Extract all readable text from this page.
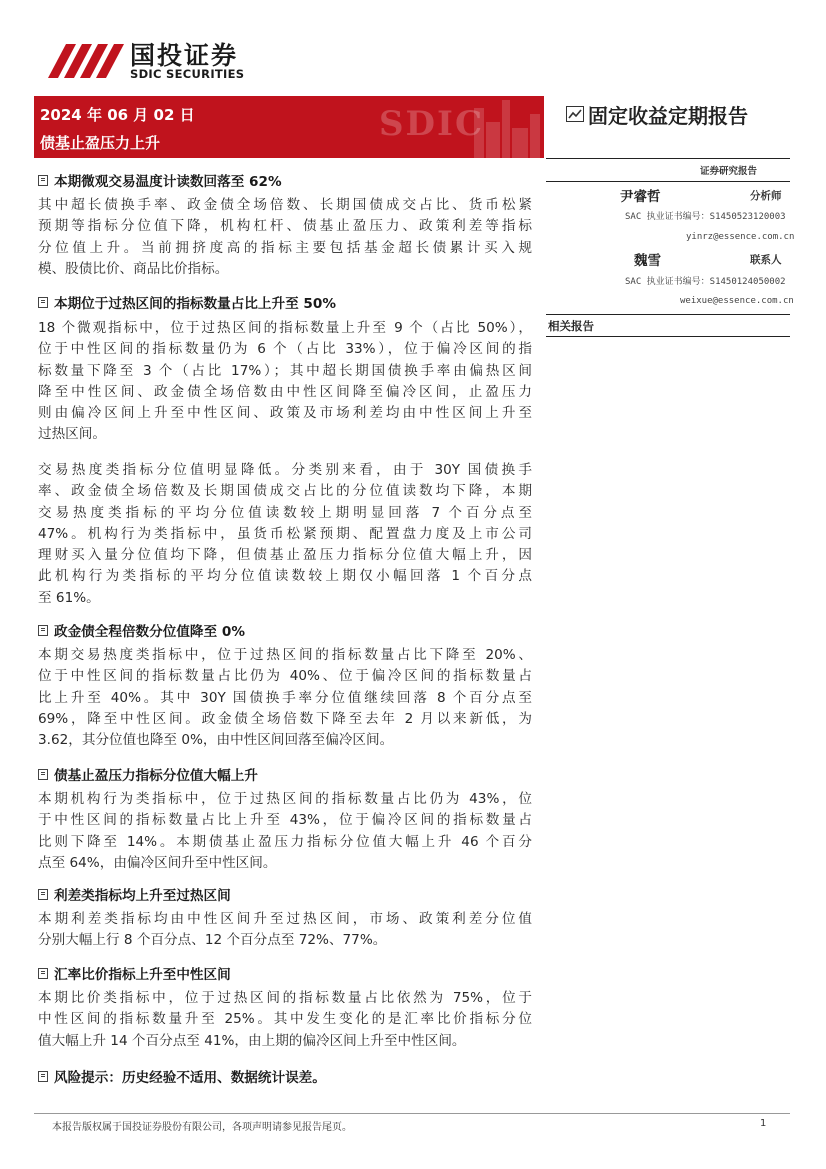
国投证券
SDIC SECURITIES
SDIC
2024 年 06 月 02 日
债基止盈压力上升
固定收益定期报告
证券研究报告
尹睿哲	分析师
SAC 执业证书编号：S1450523120003
yinrz@essence.com.cn
魏雪	联系人
SAC 执业证书编号：S1450124050002
weixue@essence.com.cn
相关报告
本期微观交易温度计读数回落至 62%
其中超长债换手率、政金债全场倍数、长期国债成交占比、货币松紧
预期等指标分位值下降，机构杠杆、债基止盈压力、政策利差等指标
分位值上升。当前拥挤度高的指标主要包括基金超长债累计买入规
模、股债比价、商品比价指标。
本期位于过热区间的指标数量占比上升至 50%
18 个微观指标中，位于过热区间的指标数量上升至 9 个（占比 50%），
位于中性区间的指标数量仍为 6 个（占比 33%），位于偏冷区间的指
标数量下降至 3 个（占比 17%）；其中超长期国债换手率由偏热区间
降至中性区间、政金债全场倍数由中性区间降至偏冷区间，止盈压力
则由偏冷区间上升至中性区间、政策及市场利差均由中性区间上升至
过热区间。
交易热度类指标分位值明显降低。分类别来看，由于 30Y 国债换手
率、政金债全场倍数及长期国债成交占比的分位值读数均下降，本期
交易热度类指标的平均分位值读数较上期明显回落 7 个百分点至
47%。机构行为类指标中，虽货币松紧预期、配置盘力度及上市公司
理财买入量分位值均下降，但债基止盈压力指标分位值大幅上升，因
此机构行为类指标的平均分位值读数较上期仅小幅回落 1 个百分点
至 61%。
政金债全程倍数分位值降至 0%
本期交易热度类指标中，位于过热区间的指标数量占比下降至 20%、
位于中性区间的指标数量占比仍为 40%、位于偏冷区间的指标数量占
比上升至 40%。其中 30Y 国债换手率分位值继续回落 8 个百分点至
69%，降至中性区间。政金债全场倍数下降至去年 2 月以来新低，为
3.62，其分位值也降至 0%，由中性区间回落至偏冷区间。
债基止盈压力指标分位值大幅上升
本期机构行为类指标中，位于过热区间的指标数量占比仍为 43%，位
于中性区间的指标数量占比上升至 43%，位于偏冷区间的指标数量占
比则下降至 14%。本期债基止盈压力指标分位值大幅上升 46 个百分
点至 64%，由偏冷区间升至中性区间。
利差类指标均上升至过热区间
本期利差类指标均由中性区间升至过热区间，市场、政策利差分位值
分别大幅上行 8 个百分点、12 个百分点至 72%、77%。
汇率比价指标上升至中性区间
本期比价类指标中，位于过热区间的指标数量占比依然为 75%，位于
中性区间的指标数量升至 25%。其中发生变化的是汇率比价指标分位
值大幅上升 14 个百分点至 41%，由上期的偏冷区间上升至中性区间。
风险提示：历史经验不适用、数据统计误差。
本报告版权属于国投证券股份有限公司，各项声明请参见报告尾页。	1
